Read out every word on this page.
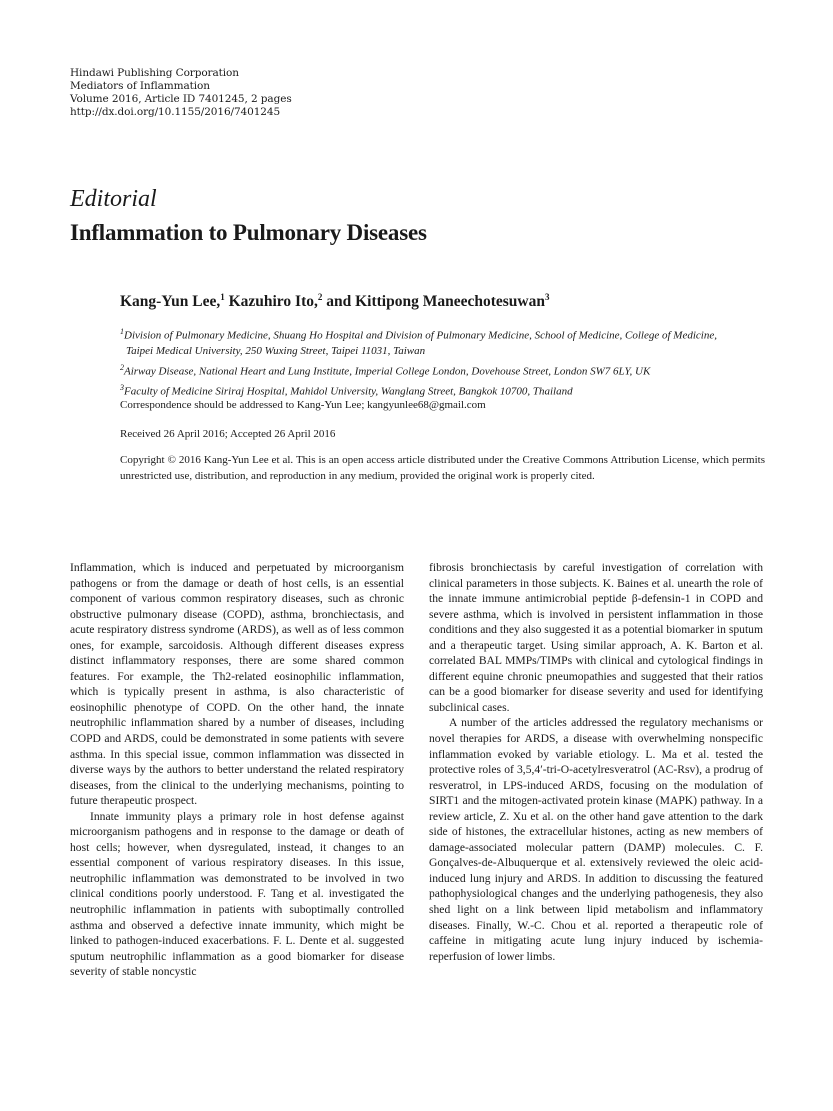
Hindawi Publishing Corporation
Mediators of Inflammation
Volume 2016, Article ID 7401245, 2 pages
http://dx.doi.org/10.1155/2016/7401245
Editorial
Inflammation to Pulmonary Diseases
Kang-Yun Lee,$^1$ Kazuhiro Ito,$^2$ and Kittipong Maneechotesuwan$^3$
$^1$Division of Pulmonary Medicine, Shuang Ho Hospital and Division of Pulmonary Medicine, School of Medicine, College of Medicine,
Taipei Medical University, 250 Wuxing Street, Taipei 11031, Taiwan
$^2$Airway Disease, National Heart and Lung Institute, Imperial College London, Dovehouse Street, London SW7 6LY, UK
$^3$Faculty of Medicine Siriraj Hospital, Mahidol University, Wanglang Street, Bangkok 10700, Thailand
Correspondence should be addressed to Kang-Yun Lee; kangyunlee68@gmail.com
Received 26 April 2016; Accepted 26 April 2016
Copyright © 2016 Kang-Yun Lee et al. This is an open access article distributed under the Creative Commons Attribution License, which permits unrestricted use, distribution, and reproduction in any medium, provided the original work is properly cited.

Inflammation, which is induced and perpetuated by microorganism pathogens or from the damage or death of host cells, is an essential component of various common respiratory diseases, such as chronic obstructive pulmonary disease (COPD), asthma, bronchiectasis, and acute respiratory distress syndrome (ARDS), as well as of less common ones, for example, sarcoidosis. Although different diseases express distinct inflammatory responses, there are some shared common features. For example, the Th2-related eosinophilic inflammation, which is typically present in asthma, is also characteristic of eosinophilic phenotype of COPD. On the other hand, the innate neutrophilic inflammation shared by a number of diseases, including COPD and ARDS, could be demonstrated in some patients with severe asthma. In this special issue, common inflammation was dissected in diverse ways by the authors to better understand the related respiratory diseases, from the clinical to the underlying mechanisms, pointing to future therapeutic prospect.

Innate immunity plays a primary role in host defense against microorganism pathogens and in response to the damage or death of host cells; however, when dysregulated, instead, it changes to an essential component of various respiratory diseases. In this issue, neutrophilic inflammation was demonstrated to be involved in two clinical conditions poorly understood. F. Tang et al. investigated the neutrophilic inflammation in patients with suboptimally controlled asthma and observed a defective innate immunity, which might be linked to pathogen-induced exacerbations. F. L. Dente et al. suggested sputum neutrophilic inflammation as a good biomarker for disease severity of stable noncystic

fibrosis bronchiectasis by careful investigation of correlation with clinical parameters in those subjects. K. Baines et al. unearth the role of the innate immune antimicrobial peptide β-defensin-1 in COPD and severe asthma, which is involved in persistent inflammation in those conditions and they also suggested it as a potential biomarker in sputum and a therapeutic target. Using similar approach, A. K. Barton et al. correlated BAL MMPs/TIMPs with clinical and cytological findings in different equine chronic pneumopathies and suggested that their ratios can be a good biomarker for disease severity and used for identifying subclinical cases.

A number of the articles addressed the regulatory mechanisms or novel therapies for ARDS, a disease with overwhelming nonspecific inflammation evoked by variable etiology. L. Ma et al. tested the protective roles of 3,5,4′-tri-O-acetylresveratrol (AC-Rsv), a prodrug of resveratrol, in LPS-induced ARDS, focusing on the modulation of SIRT1 and the mitogen-activated protein kinase (MAPK) pathway. In a review article, Z. Xu et al. on the other hand gave attention to the dark side of histones, the extracellular histones, acting as new members of damage-associated molecular pattern (DAMP) molecules. C. F. Gonçalves-de-Albuquerque et al. extensively reviewed the oleic acid-induced lung injury and ARDS. In addition to discussing the featured pathophysiological changes and the underlying pathogenesis, they also shed light on a link between lipid metabolism and inflammatory diseases. Finally, W.-C. Chou et al. reported a therapeutic role of caffeine in mitigating acute lung injury induced by ischemia-reperfusion of lower limbs.
